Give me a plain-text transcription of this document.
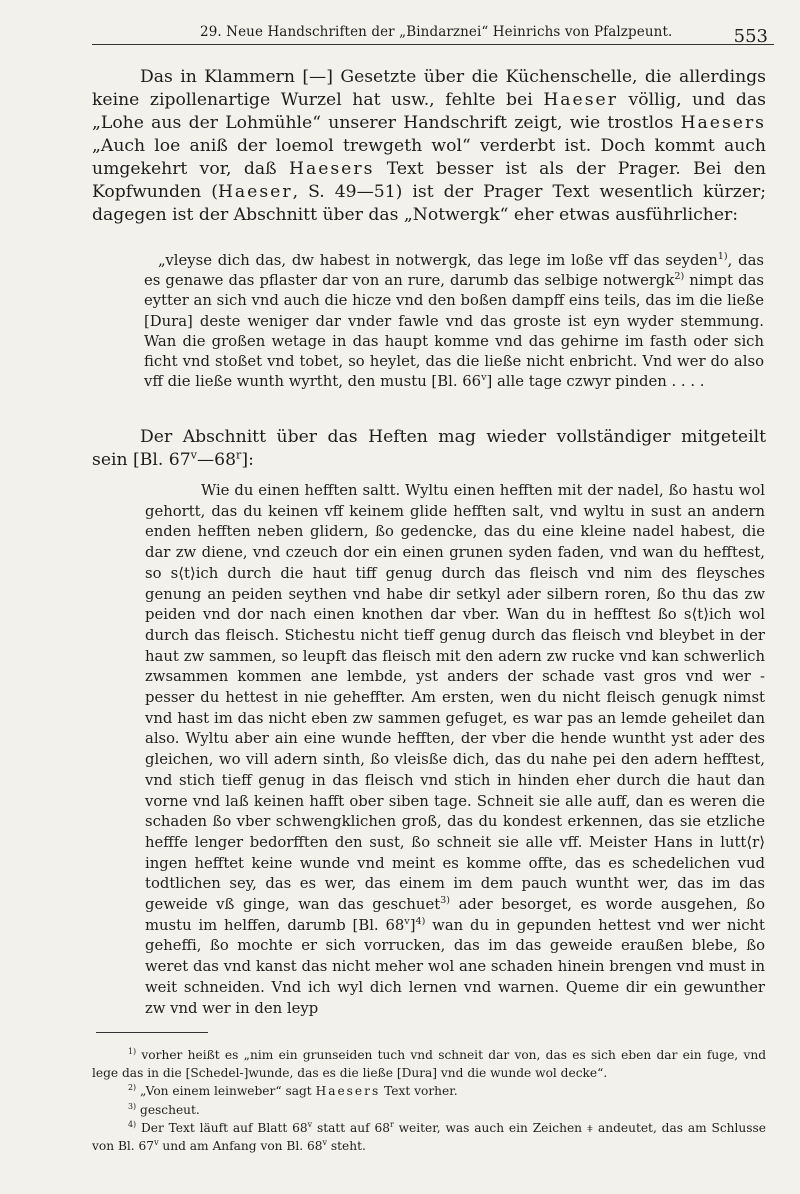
29. Neue Handschriften der „Bindarznei“ Heinrichs von Pfalzpeunt.	553

Das in Klammern [—] Gesetzte über die Küchenschelle, die allerdings keine zipollenartige Wurzel hat usw., fehlte bei Haeser völlig, und das „Lohe aus der Lohmühle“ unserer Handschrift zeigt, wie trostlos Haesers „Auch loe aniß der loemol trewgeth wol“ verderbt ist. Doch kommt auch umgekehrt vor, daß Haesers Text besser ist als der Prager. Bei den Kopfwunden (Haeser, S. 49—51) ist der Prager Text wesentlich kürzer; dagegen ist der Abschnitt über das „Notwergk“ eher etwas ausführlicher:

„vleyse dich das, dw habest in notwergk, das lege im loße vff das seyden$^{1)}$, das es genawe das pflaster dar von an rure, darumb das selbige notwergk$^{2)}$ nimpt das eytter an sich vnd auch die hicze vnd den boßen dampff eins teils, das im die ließe [Dura] deste weniger dar vnder fawle vnd das groste ist eyn wyder stemmung. Wan die großen wetage in das haupt komme vnd das gehirne im fasth oder sich ficht vnd stoßet vnd tobet, so heylet, das die ließe nicht enbricht. Vnd wer do also vff die ließe wunth wyrtht, den mustu [Bl. 66$^v$] alle tage czwyr pinden . . . .

Der Abschnitt über das Heften mag wieder vollständiger mitgeteilt sein [Bl. 67$^v$—68$^r$]:

Wie du einen hefften saltt. Wyltu einen hefften mit der nadel, ßo hastu wol gehortt, das du keinen vff keinem glide hefften salt, vnd wyltu in sust an andern enden hefften neben glidern, ßo gedencke, das du eine kleine nadel habest, die dar zw diene, vnd czeuch dor ein einen grunen syden faden, vnd wan du hefftest, so s⟨t⟩ich durch die haut tiff genug durch das fleisch vnd nim des fleysches genung an peiden seythen vnd habe dir setkyl ader silbern roren, ßo thu das zw peiden vnd dor nach einen knothen dar vber. Wan du in hefftest ßo s⟨t⟩ich wol durch das fleisch. Stichestu nicht tieff genug durch das fleisch vnd bleybet in der haut zw sammen, so leupft das fleisch mit den adern zw rucke vnd kan schwerlich zwsammen kommen ane lembde, yst anders der schade vast gros vnd wer - pesser du hettest in nie geheffter. Am ersten, wen du nicht fleisch genugk nimst vnd hast im das nicht eben zw sammen gefuget, es war pas an lemde geheilet dan also. Wyltu aber ain eine wunde hefften, der vber die hende wuntht yst ader des gleichen, wo vill adern sinth, ßo vleisße dich, das du nahe pei den adern hefftest, vnd stich tieff genug in das fleisch vnd stich in hinden eher durch die haut dan vorne vnd laß keinen hafft ober siben tage. Schneit sie alle auff, dan es weren die schaden ßo vber schwengklichen groß, das du kondest erkennen, das sie etzliche hefffe lenger bedorfften den sust, ßo schneit sie alle vff. Meister Hans in lutt⟨r⟩ingen hefftet keine wunde vnd meint es komme offte, das es schedelichen vud todtlichen sey, das es wer, das einem im dem pauch wuntht wer, das im das geweide vß ginge, wan das geschuet$^{3)}$ ader besorget, es worde ausgehen, ßo mustu im helffen, darumb [Bl. 68$^v$]$^{4)}$ wan du in gepunden hettest vnd wer nicht geheffi, ßo mochte er sich vorrucken, das im das geweide eraußen blebe, ßo weret das vnd kanst das nicht meher wol ane schaden hinein brengen vnd must in weit schneiden. Vnd ich wyl dich lernen vnd warnen. Queme dir ein gewunther zw vnd wer in den leyp

$^{1)}$ vorher heißt es „nim ein grunseiden tuch vnd schneit dar von, das es sich eben dar ein fuge, vnd lege das in die [Schedel-]wunde, das es die ließe [Dura] vnd die wunde wol decke“.

$^{2)}$ „Von einem leinweber“ sagt Haesers Text vorher.

$^{3)}$ gescheut.

$^{4)}$ Der Text läuft auf Blatt 68$^v$ statt auf 68$^r$ weiter, was auch ein Zeichen ⧧ andeutet, das am Schlusse von Bl. 67$^v$ und am Anfang von Bl. 68$^v$ steht.
